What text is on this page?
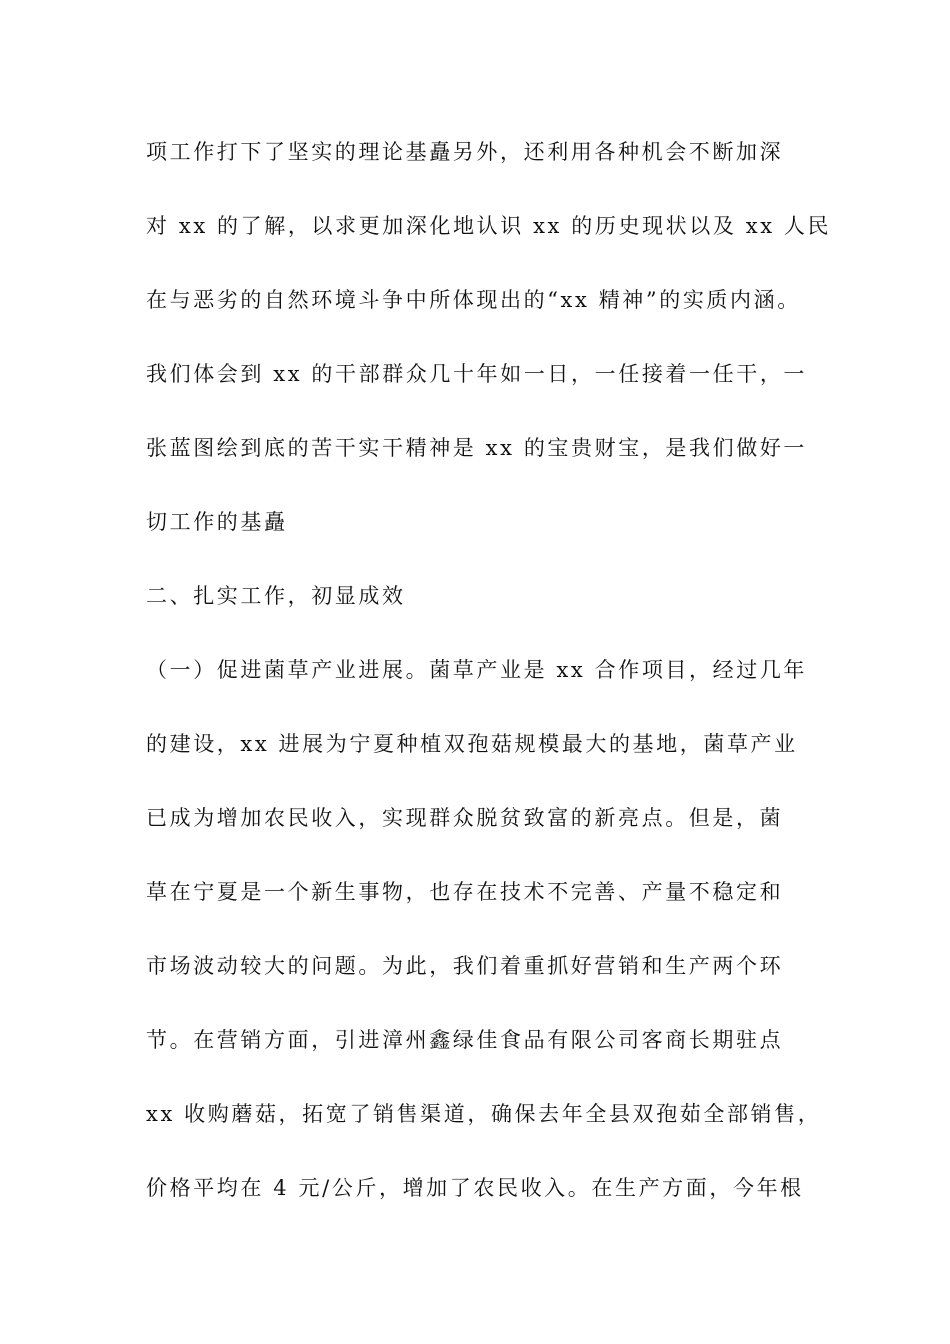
项工作打下了坚实的理论基矗另外，还利用各种机会不断加深
对 xx 的了解，以求更加深化地认识 xx 的历史现状以及 xx 人民
在与恶劣的自然环境斗争中所体现出的“xx 精神”的实质内涵。
我们体会到 xx 的干部群众几十年如一日，一任接着一任干，一
张蓝图绘到底的苦干实干精神是 xx 的宝贵财宝，是我们做好一
切工作的基矗
二、扎实工作，初显成效
（一）促进菌草产业进展。菌草产业是 xx 合作项目，经过几年
的建设，xx 进展为宁夏种植双孢菇规模最大的基地，菌草产业
已成为增加农民收入，实现群众脱贫致富的新亮点。但是，菌
草在宁夏是一个新生事物，也存在技术不完善、产量不稳定和
市场波动较大的问题。为此，我们着重抓好营销和生产两个环
节。在营销方面，引进漳州鑫绿佳食品有限公司客商长期驻点
xx 收购蘑菇，拓宽了销售渠道，确保去年全县双孢茹全部销售，
价格平均在 4 元/公斤，增加了农民收入。在生产方面，今年根
